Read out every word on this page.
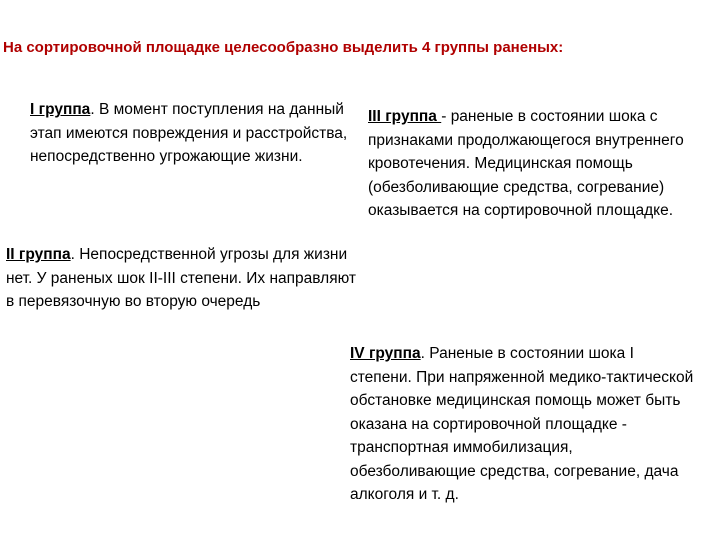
На сортировочной площадке целесообразно выделить 4 группы раненых:
I группа. В момент поступления на данный этап имеются повреждения и расстройства, непосредственно угрожающие жизни.
III группа - раненые в состоянии шока с признаками продолжающегося внутреннего кровотечения. Медицинская помощь (обезболивающие средства, согревание) оказывается на сортировочной площадке.
II группа. Непосредственной угрозы для жизни нет. У раненых шок II-III степени. Их направляют в перевязочную во вторую очередь
IV группа. Раненые в состоянии шока I степени. При напряженной медико-тактической обстановке медицинская помощь может быть оказана на сортировочной площадке - транспортная иммобилизация, обезболивающие средства, согревание, дача алкоголя и т. д.
